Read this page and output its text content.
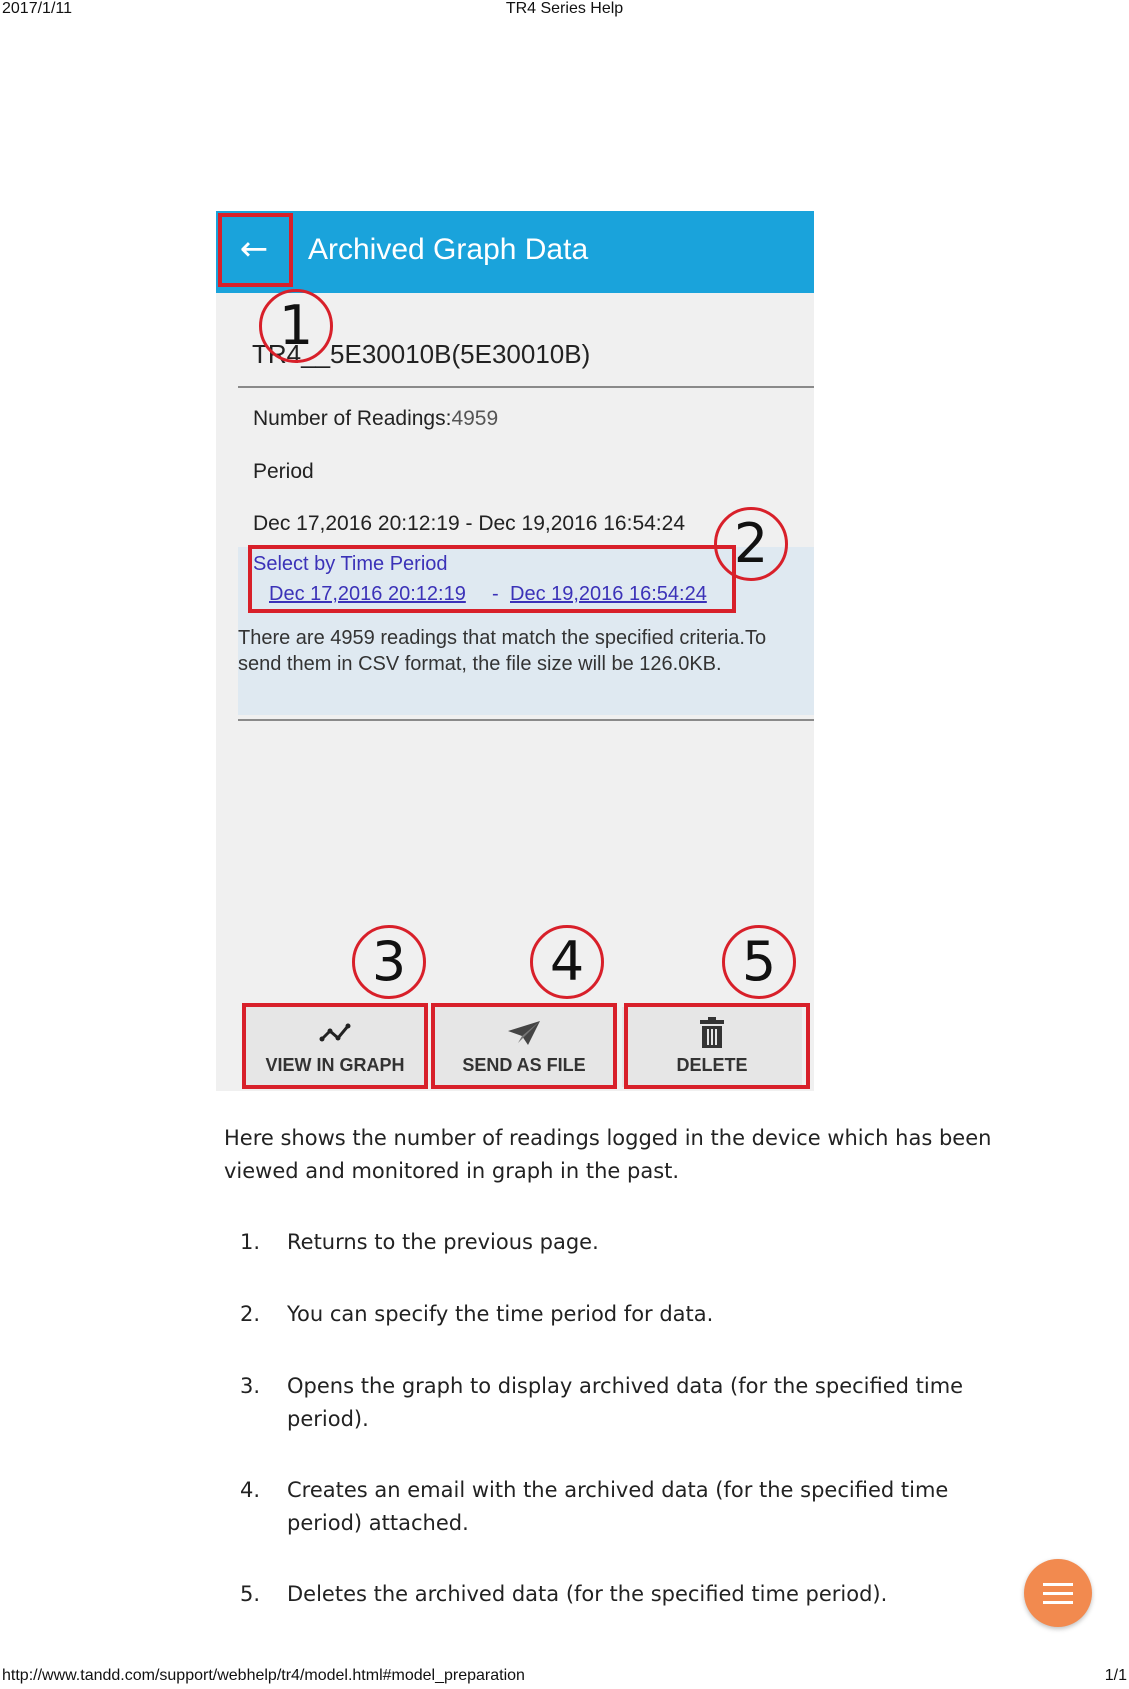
2017/1/11	TR4 Series Help
←	Archived Graph Data
TR4__5E30010B(5E30010B)
Number of Readings:4959
Period
Dec 17,2016 20:12:19 - Dec 19,2016 16:54:24
Select by Time Period
Dec 17,2016 20:12:19 - Dec 19,2016 16:54:24
There are 4959 readings that match the specified criteria.To send them in CSV format, the file size will be 126.0KB.
VIEW IN GRAPH	SEND AS FILE	DELETE
1
2
3	4	5
Here shows the number of readings logged in the device which has been viewed and monitored in graph in the past.
1. Returns to the previous page.
2. You can specify the time period for data.
3. Opens the graph to display archived data (for the specified time period).
4. Creates an email with the archived data (for the specified time period) attached.
5. Deletes the archived data (for the specified time period).
http://www.tandd.com/support/webhelp/tr4/model.html#model_preparation	1/1
